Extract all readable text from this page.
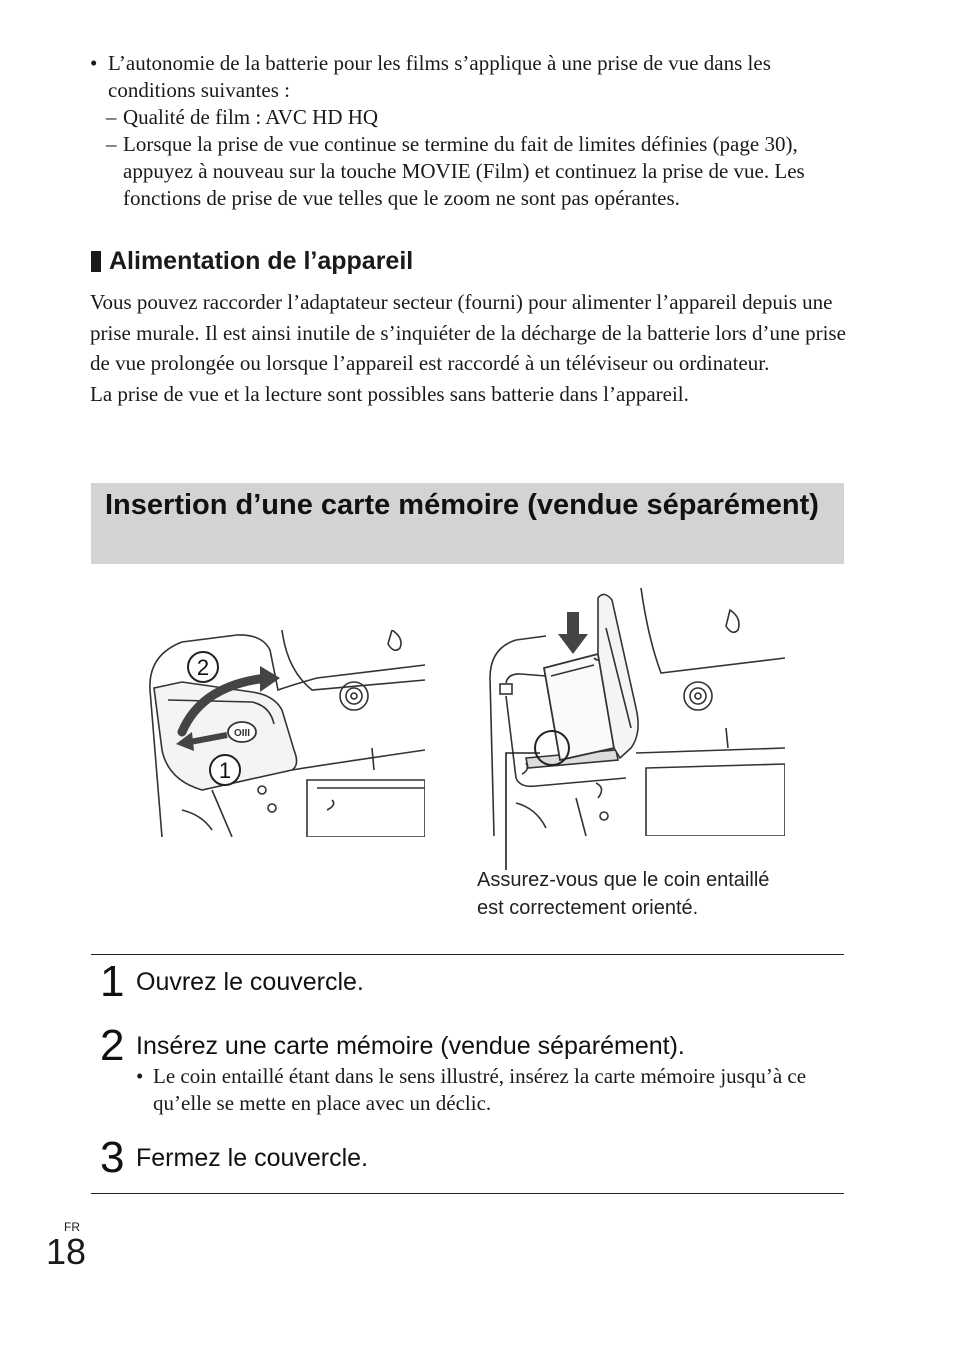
• L’autonomie de la batterie pour les films s’applique à une prise de vue dans les conditions suivantes :
– Qualité de film : AVC HD HQ
– Lorsque la prise de vue continue se termine du fait de limites définies (page 30), appuyez à nouveau sur la touche MOVIE (Film) et continuez la prise de vue. Les fonctions de prise de vue telles que le zoom ne sont pas opérantes.
Alimentation de l’appareil
Vous pouvez raccorder l’adaptateur secteur (fourni) pour alimenter l’appareil depuis une prise murale. Il est ainsi inutile de s’inquiéter de la décharge de la batterie lors d’une prise de vue prolongée ou lorsque l’appareil est raccordé à un téléviseur ou ordinateur.
La prise de vue et la lecture sont possibles sans batterie dans l’appareil.
Insertion d’une carte mémoire (vendue séparément)
OIII
2
1
Assurez-vous que le coin entaillé
est correctement orienté.
1 Ouvrez le couvercle.
2 Insérez une carte mémoire (vendue séparément).
• Le coin entaillé étant dans le sens illustré, insérez la carte mémoire jusqu’à ce qu’elle se mette en place avec un déclic.
3 Fermez le couvercle.
FR
18
